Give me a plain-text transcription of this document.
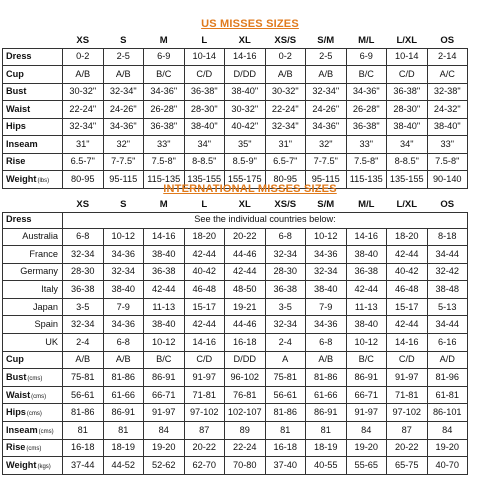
US MISSES SIZES
	XS	S	M	L	XL	XS/S	S/M	M/L	L/XL	OS
Dress	0-2	2-5	6-9	10-14	14-16	0-2	2-5	6-9	10-14	2-14
Cup	A/B	A/B	B/C	C/D	D/DD	A/B	A/B	B/C	C/D	A/C
Bust	30-32"	32-34"	34-36"	36-38"	38-40"	30-32"	32-34"	34-36"	36-38"	32-38"
Waist	22-24"	24-26"	26-28"	28-30"	30-32"	22-24"	24-26"	26-28"	28-30"	24-32"
Hips	32-34"	34-36"	36-38"	38-40"	40-42"	32-34"	34-36"	36-38"	38-40"	38-40"
Inseam	31"	32"	33"	34"	35"	31"	32"	33"	34"	33"
Rise	6.5-7"	7-7.5"	7.5-8"	8-8.5"	8.5-9"	6.5-7"	7-7.5"	7.5-8"	8-8.5"	7.5-8"
Weight(lbs)	80-95	95-115	115-135	135-155	155-175	80-95	95-115	115-135	135-155	90-140
INTERNATIONAL MISSES SIZES
	XS	S	M	L	XL	XS/S	S/M	M/L	L/XL	OS
Dress	See the individual countries below:									
Australia	6-8	10-12	14-16	18-20	20-22	6-8	10-12	14-16	18-20	8-18
France	32-34	34-36	38-40	42-44	44-46	32-34	34-36	38-40	42-44	34-44
Germany	28-30	32-34	36-38	40-42	42-44	28-30	32-34	36-38	40-42	32-42
Italy	36-38	38-40	42-44	46-48	48-50	36-38	38-40	42-44	46-48	38-48
Japan	3-5	7-9	11-13	15-17	19-21	3-5	7-9	11-13	15-17	5-13
Spain	32-34	34-36	38-40	42-44	44-46	32-34	34-36	38-40	42-44	34-44
UK	2-4	6-8	10-12	14-16	16-18	2-4	6-8	10-12	14-16	6-16
Cup	A/B	A/B	B/C	C/D	D/DD	A	A/B	B/C	C/D	A/D
Bust(cms)	75-81	81-86	86-91	91-97	96-102	75-81	81-86	86-91	91-97	81-96
Waist(cms)	56-61	61-66	66-71	71-81	76-81	56-61	61-66	66-71	71-81	61-81
Hips(cms)	81-86	86-91	91-97	97-102	102-107	81-86	86-91	91-97	97-102	86-101
Inseam(cms)	81	81	84	87	89	81	81	84	87	84
Rise(cms)	16-18	18-19	19-20	20-22	22-24	16-18	18-19	19-20	20-22	19-20
Weight(kgs)	37-44	44-52	52-62	62-70	70-80	37-40	40-55	55-65	65-75	40-70
